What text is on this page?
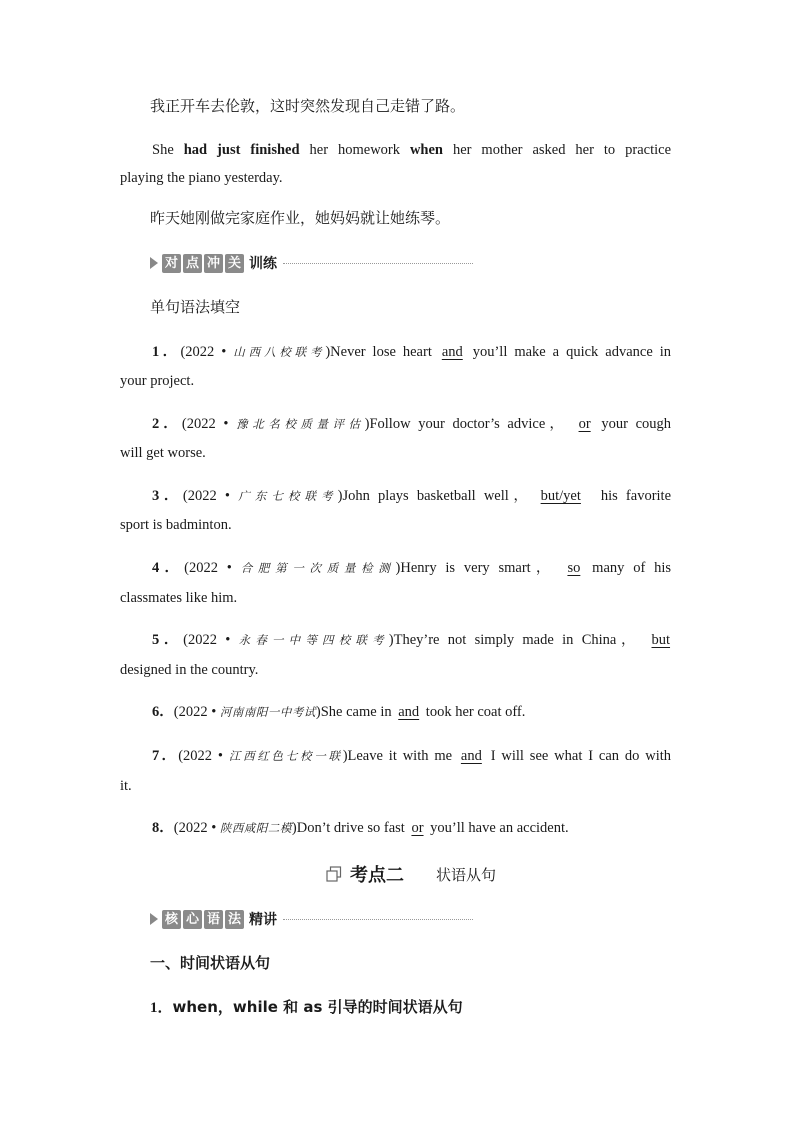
我正开车去伦敦，这时突然发现自己走错了路。
She had just finished her homework when her mother asked her to practice
playing the piano yesterday.
昨天她刚做完家庭作业，她妈妈就让她练琴。
对 点 冲 关 训练
单句语法填空
1．(2022 • 山西八校联考)Never lose heart and you’ll make a quick advance in
your project.
2．(2022 • 豫北名校质量评估)Follow your doctor’s advice， or your cough
will get worse.
3．(2022 • 广东七校联考)John plays basketball well， but/yet his favorite
sport is badminton.
4．(2022 • 合肥第一次质量检测)Henry is very smart， so many of his
classmates like him.
5．(2022 • 永春一中等四校联考)They’re not simply made in China， but
designed in the country.
6．(2022 • 河南南阳一中考试)She came in and took her coat off.
7．(2022 • 江西红色七校一联)Leave it with me and I will see what I can do with
it.
8．(2022 • 陕西咸阳二模)Don’t drive so fast or you’ll have an accident.
考点二 状语从句
核 心 语 法 精讲
一、时间状语从句
1．when，while 和 as 引导的时间状语从句
